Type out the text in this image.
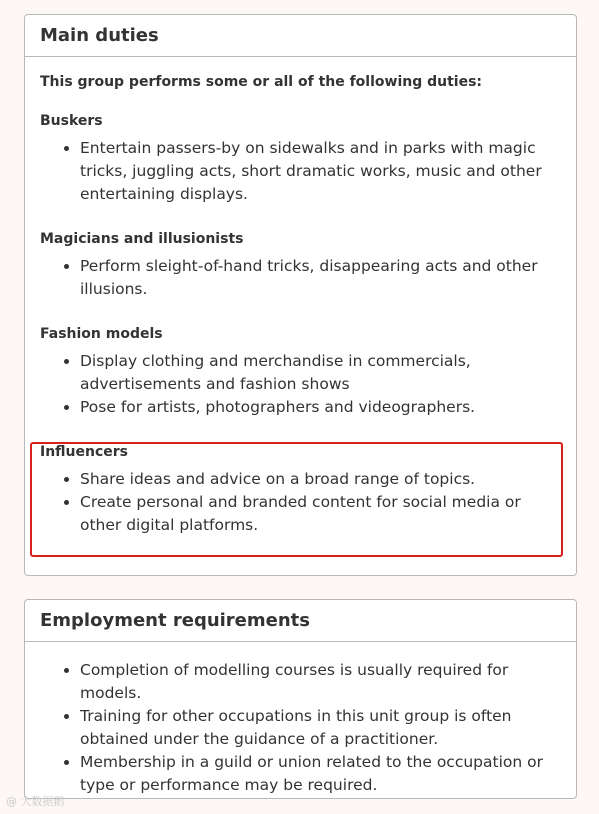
Main duties

This group performs some or all of the following duties:

Buskers

• Entertain passers-by on sidewalks and in parks with magic tricks, juggling acts, short dramatic works, music and other entertaining displays.

Magicians and illusionists

• Perform sleight-of-hand tricks, disappearing acts and other illusions.

Fashion models

• Display clothing and merchandise in commercials, advertisements and fashion shows
• Pose for artists, photographers and videographers.

Influencers

• Share ideas and advice on a broad range of topics.
• Create personal and branded content for social media or other digital platforms.
Employment requirements
• Completion of modelling courses is usually required for models.
• Training for other occupations in this unit group is often obtained under the guidance of a practitioner.
• Membership in a guild or union related to the occupation or type or performance may be required.
@ 大数据鹅
